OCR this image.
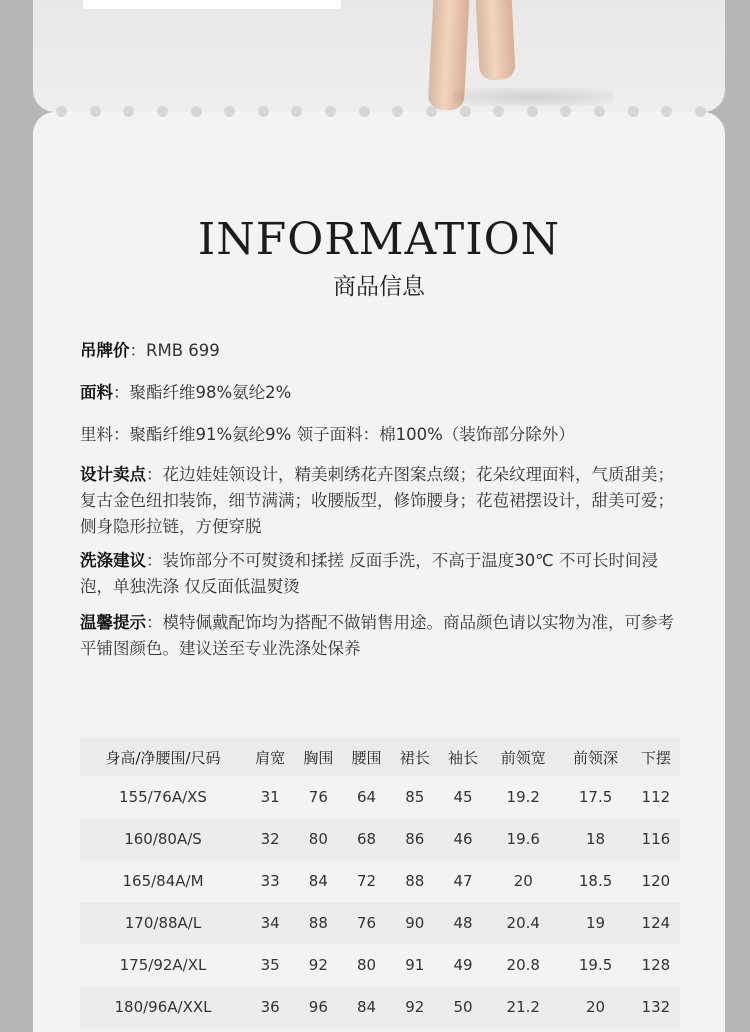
INFORMATION
商品信息

吊牌价：RMB 699

面料：聚酯纤维98%氨纶2%

里料：聚酯纤维91%氨纶9% 领子面料：棉100%（装饰部分除外）

设计卖点：花边娃娃领设计，精美刺绣花卉图案点缀；花朵纹理面料，气质甜美；复古金色纽扣装饰，细节满满；收腰版型，修饰腰身；花苞裙摆设计，甜美可爱；侧身隐形拉链，方便穿脱

洗涤建议：装饰部分不可熨烫和揉搓 反面手洗，不高于温度30℃ 不可长时间浸泡，单独洗涤 仅反面低温熨烫

温馨提示：模特佩戴配饰均为搭配不做销售用途。商品颜色请以实物为准，可参考平铺图颜色。建议送至专业洗涤处保养

身高/净腰围/尺码	肩宽	胸围	腰围	裙长	袖长	前领宽	前领深	下摆
155/76A/XS	31	76	64	85	45	19.2	17.5	112
160/80A/S	32	80	68	86	46	19.6	18	116
165/84A/M	33	84	72	88	47	20	18.5	120
170/88A/L	34	88	76	90	48	20.4	19	124
175/92A/XL	35	92	80	91	49	20.8	19.5	128
180/96A/XXL	36	96	84	92	50	21.2	20	132
